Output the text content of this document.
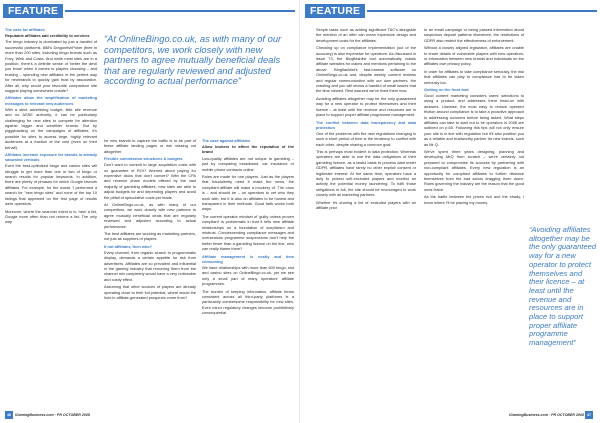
FEATURE

The case for affiliates

Reputable affiliates add credibility to services

The bingo industry is dominated by just a handful of successful platforms. 888's DragonfishPoker (their in more than 200 sites, including bingo brands such as Foxy, Wink and Costa. And while most sites are in a position, there's a definite sense of 'better the devil you know' when it comes to players choosing – and trusting – spending new affiliates in the perfect way for newbrands to quickly gain trust by association. After all, why would your favourite comparison site suggest playing somewhere unsafe?

Affiliates allow the amplification of marketing messages to relevant new audiences

With a strict advertising budget, little site revenue and no ASSE authority, it can be particularly challenging for new sites to compete for attention against bigger and wealthier brands. But by piggybacking on the campaigns of affiliates, it's possible for sites to access large, highly relevant audiences at a fraction of the cost (even on their behalf).

Affiliates increase exposure for brands in already saturated verticals

Even the best-optimised bingo and casino sites will struggle to get more than one or two of bingo or search results for popular keywords. In addition, there are plenty of phrases for which Google favours affiliates. For example, for the words 'I performed a search for "new bingo sites" and none of the top 10 listings that appeared on the first page of results were operators.

Moreover, where the searcher intent is to 'new' a list, Google more often than not returns a list. The only way

for new brands to capture the traffic is to be part of these affiliate landing pages or risk missing out altogether.

Flexible commission structures & budgets

Don't want to commit to large acquisition costs with no guarantee of ROI? Worried about paying for expensive clicks that don't convert? With the CPA and revenue share models offered by the vast majority of gambling affiliates, new sites are able to adjust budgets for and depending players and avoid the pitfall of speculative costs per leads.

At OnlineBingo.co.uk, as with many of our competitors, we work closely with new partners to agree mutually beneficial deals that are regularly reviewed and adjusted according to actual performance.

The best affiliates are working as marketing partners, not just as suppliers of players.

If not affiliates, then who?

Every channel, from organic search to programmatic display, demands a certain appetite for risk from advertisers. Affiliates are so prevalent and influential in the gaming industry that removing them from the channel mix completely would have a very noticeable and costly effect.

Assuming that other sources of players are already operating close to their full potential, where would the hole in affiliate-generated prospects come from?

The case against affiliates

Allow brokers to affect the reputation of the brand

Low-quality affiliates are not unique to gambling – just try comparing broadband, car insurance or mobile phone contracts online.

Rules are made for one players. Just as the players that fraudulently need it make the news, the compliant affiliate will make a mockery of. The onus is – and should be – on operators to vet who they work with, but it is also on affiliates to be honest and transparent in their methods. Good faith works both ways.

The current operator mindset of 'guilty unless proven compliant' is problematic in that it tells new affiliate relationships on a foundation of scepticism and mistrust. Condescending compliance messages and overzealous programme suspensions don't help the better fewer than a gambling license on the line, who can really blame them?

Affiliate management is costly and time consuming

We have relationships with more than 600 bingo, slot and casino sites on OnlineBingo.co.uk, yet we see only a small part of many operators' affiliate programmes.

The burden of keeping information, affiliate terms consistent across all third-party platforms is a particularly cumbersome responsibility for new sites. Even minor regulatory changes become prohibitively consequential.

“At OnlineBingo.co.uk, as with many of our competitors, we work closely with new partners to agree mutually beneficial deals that are regularly reviewed and adjusted according to actual performance”
46 iGamingBusiness.com · PR OCTOBER 2008
FEATURE

Simple tasks such as adding significant T&C's alongside the mention of an offer can mean expensive design and development costs for the affiliates.

Checking up on compliance implementation (out of the accuracy) is also expensive for operators. As discussed in issue 73, the Bingflashlist tool automatically crawls affiliate websites for claims and mentions pertaining to the above. Bingflashlist's fast-browse software on OnlineBingo.co.uk and, despite weekly content reviews and regular communication with our own partners, the crawling and you will shows a handful of small issues that the time viewed. Rest assured we've fixed them now.

Avoiding affiliates altogether may be the only guaranteed way for a new operator to protect themselves and their licence – at least until the revenue and resources are in place to support proper affiliate programme management.

The conflict between data transparency and data protection

One of the problems with the new regulations changing is such a short period of time is the tendency to conflict with each other, despite sharing a common goal.

This is perhaps most evident in data protection. Whereas operators are able to use the data obligations of their gambling licence, as a lawful basis to process data under GDPR, affiliates have rarely no other explicit consent or legitimate interest. At the same time, operators have a duty to protect self-excluded players and monitor an activity the potential money laundering. To fulfil those obligations in full, the site should be encouraged to work closely with all marketing partners.

Whether it's sharing a list of excluded players with an affiliate prior

to an email campaign or being passed information about suspicious deposit patterns elsewhere, the restrictions of GDPR also restrict the effectiveness of enforcement.

Without a closely aligned legislation, affiliates are unable to share details of vulnerable players with new operators, or information between new brands and individuals on the affiliates own privacy policy.

In order for affiliates to take compliance seriously, the risk that affiliates can play to compliance has to be taken seriously too.

Getting on the front foot

Good content marketing considers users' selections to using a product, and addresses them head-on with answers. Likewise, the most easy to reduce operator friction around compliance is to take a proactive approach to addressing concerns before being asked. What steps affiliates can take to start out to be operators in 2008 are outlined on p.60. Following this tips will not only ensure your site is in line with regulation but it'll also position you as a reliable and trustworthy partner for new brands, such as Mr Q.

We've spent three years designing, planning and developing MrQ from scratch – we're certainly not prepared to compromise its success by partnering with non-compliant affiliates. Every new regulation is an opportunity for compliant affiliates to further distance themselves from the bad actors dragging them down. Rules governing the industry are the reason that the good ones thrive.

As the battle between the prices rich and the shady, I know where I'll be placing my money.

iGamingBusiness.com · PR OCTOBER 2008 47
“Avoiding affiliates altogether may be the only guaranteed way for a new operator to protect themselves and their licence – at least until the revenue and resources are in place to support proper affiliate programme management”
